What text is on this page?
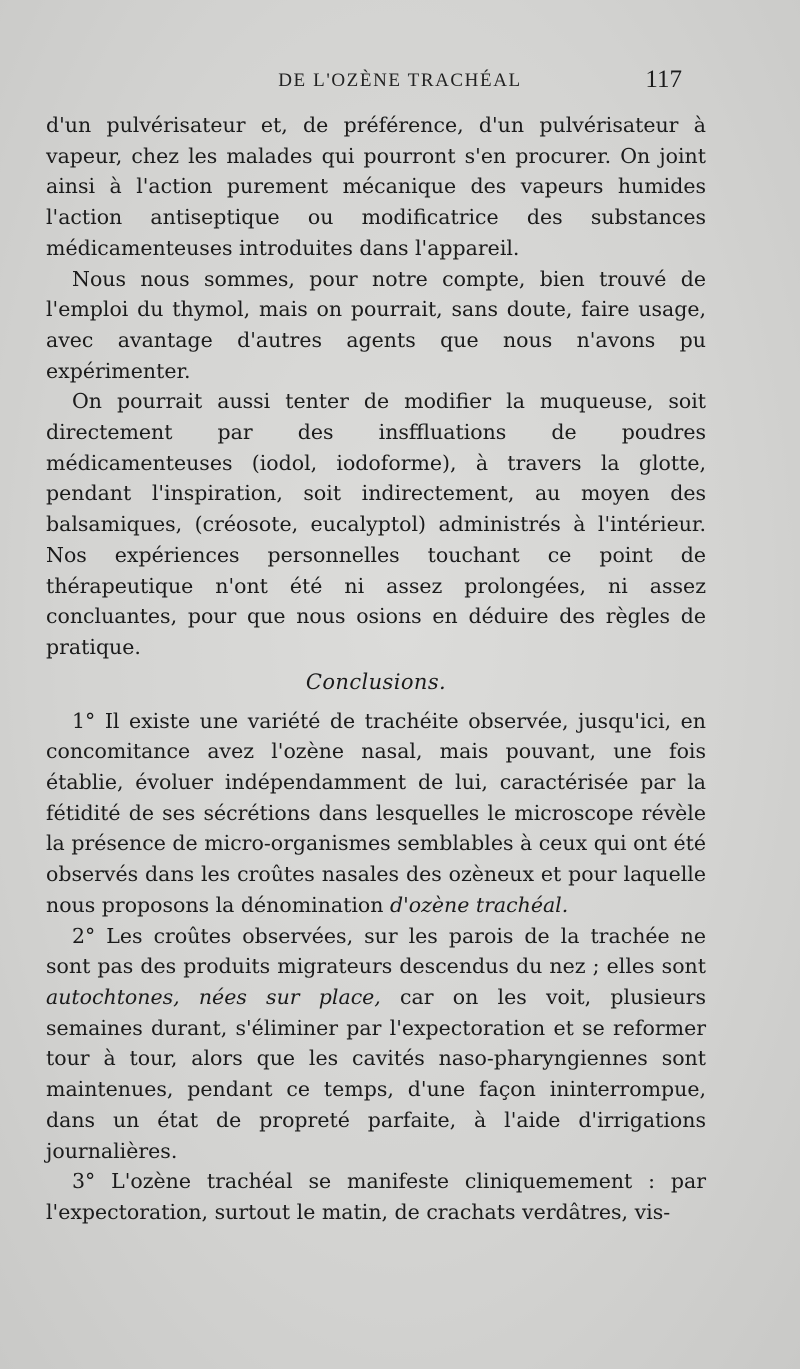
DE L'OZÈNE TRACHÉAL	117

d'un pulvérisateur et, de préférence, d'un pulvérisateur à vapeur, chez les malades qui pourront s'en procurer. On joint ainsi à l'action purement mécanique des vapeurs humides l'action antiseptique ou modificatrice des substances médicamenteuses introduites dans l'appareil.

Nous nous sommes, pour notre compte, bien trouvé de l'emploi du thymol, mais on pourrait, sans doute, faire usage, avec avantage d'autres agents que nous n'avons pu expérimenter.

On pourrait aussi tenter de modifier la muqueuse, soit directement par des insffluations de poudres médicamenteuses (iodol, iodoforme), à travers la glotte, pendant l'inspiration, soit indirectement, au moyen des balsamiques, (créosote, eucalyptol) administrés à l'intérieur. Nos expériences personnelles touchant ce point de thérapeutique n'ont été ni assez prolongées, ni assez concluantes, pour que nous osions en déduire des règles de pratique.

Conclusions.

1° Il existe une variété de trachéite observée, jusqu'ici, en concomitance avez l'ozène nasal, mais pouvant, une fois établie, évoluer indépendamment de lui, caractérisée par la fétidité de ses sécrétions dans lesquelles le microscope révèle la présence de micro-organismes semblables à ceux qui ont été observés dans les croûtes nasales des ozèneux et pour laquelle nous proposons la dénomination d'ozène trachéal.

2° Les croûtes observées, sur les parois de la trachée ne sont pas des produits migrateurs descendus du nez ; elles sont autochtones, nées sur place, car on les voit, plusieurs semaines durant, s'éliminer par l'expectoration et se reformer tour à tour, alors que les cavités naso-pharyngiennes sont maintenues, pendant ce temps, d'une façon ininterrompue, dans un état de propreté parfaite, à l'aide d'irrigations journalières.

3° L'ozène trachéal se manifeste cliniquemement : par l'expectoration, surtout le matin, de crachats verdâtres, vis-
